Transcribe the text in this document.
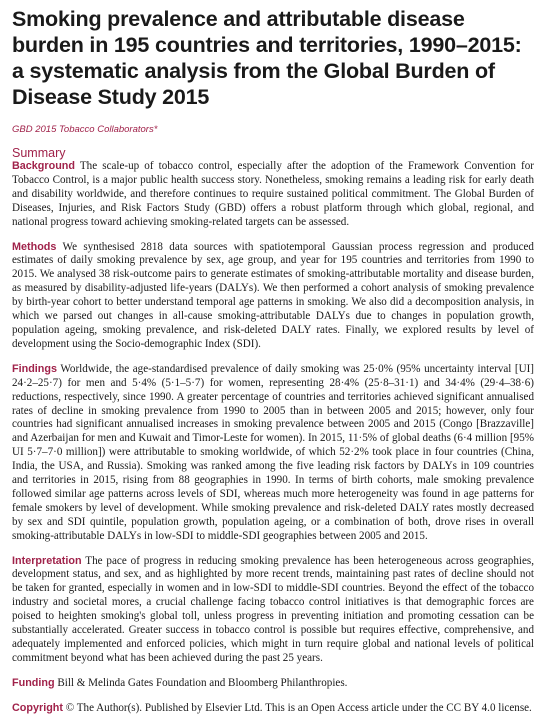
Smoking prevalence and attributable disease burden in 195 countries and territories, 1990–2015: a systematic analysis from the Global Burden of Disease Study 2015
GBD 2015 Tobacco Collaborators*
Summary

Background The scale-up of tobacco control, especially after the adoption of the Framework Convention for Tobacco Control, is a major public health success story. Nonetheless, smoking remains a leading risk for early death and disability worldwide, and therefore continues to require sustained political commitment. The Global Burden of Diseases, Injuries, and Risk Factors Study (GBD) offers a robust platform through which global, regional, and national progress toward achieving smoking-related targets can be assessed.

Methods We synthesised 2818 data sources with spatiotemporal Gaussian process regression and produced estimates of daily smoking prevalence by sex, age group, and year for 195 countries and territories from 1990 to 2015. We analysed 38 risk-outcome pairs to generate estimates of smoking-attributable mortality and disease burden, as measured by disability-adjusted life-years (DALYs). We then performed a cohort analysis of smoking prevalence by birth-year cohort to better understand temporal age patterns in smoking. We also did a decomposition analysis, in which we parsed out changes in all-cause smoking-attributable DALYs due to changes in population growth, population ageing, smoking prevalence, and risk-deleted DALY rates. Finally, we explored results by level of development using the Socio-demographic Index (SDI).

Findings Worldwide, the age-standardised prevalence of daily smoking was 25·0% (95% uncertainty interval [UI] 24·2–25·7) for men and 5·4% (5·1–5·7) for women, representing 28·4% (25·8–31·1) and 34·4% (29·4–38·6) reductions, respectively, since 1990. A greater percentage of countries and territories achieved significant annualised rates of decline in smoking prevalence from 1990 to 2005 than in between 2005 and 2015; however, only four countries had significant annualised increases in smoking prevalence between 2005 and 2015 (Congo [Brazzaville] and Azerbaijan for men and Kuwait and Timor-Leste for women). In 2015, 11·5% of global deaths (6·4 million [95% UI 5·7–7·0 million]) were attributable to smoking worldwide, of which 52·2% took place in four countries (China, India, the USA, and Russia). Smoking was ranked among the five leading risk factors by DALYs in 109 countries and territories in 2015, rising from 88 geographies in 1990. In terms of birth cohorts, male smoking prevalence followed similar age patterns across levels of SDI, whereas much more heterogeneity was found in age patterns for female smokers by level of development. While smoking prevalence and risk-deleted DALY rates mostly decreased by sex and SDI quintile, population growth, population ageing, or a combination of both, drove rises in overall smoking-attributable DALYs in low-SDI to middle-SDI geographies between 2005 and 2015.

Interpretation The pace of progress in reducing smoking prevalence has been heterogeneous across geographies, development status, and sex, and as highlighted by more recent trends, maintaining past rates of decline should not be taken for granted, especially in women and in low-SDI to middle-SDI countries. Beyond the effect of the tobacco industry and societal mores, a crucial challenge facing tobacco control initiatives is that demographic forces are poised to heighten smoking's global toll, unless progress in preventing initiation and promoting cessation can be substantially accelerated. Greater success in tobacco control is possible but requires effective, comprehensive, and adequately implemented and enforced policies, which might in turn require global and national levels of political commitment beyond what has been achieved during the past 25 years.

Funding Bill & Melinda Gates Foundation and Bloomberg Philanthropies.

Copyright © The Author(s). Published by Elsevier Ltd. This is an Open Access article under the CC BY 4.0 license.
